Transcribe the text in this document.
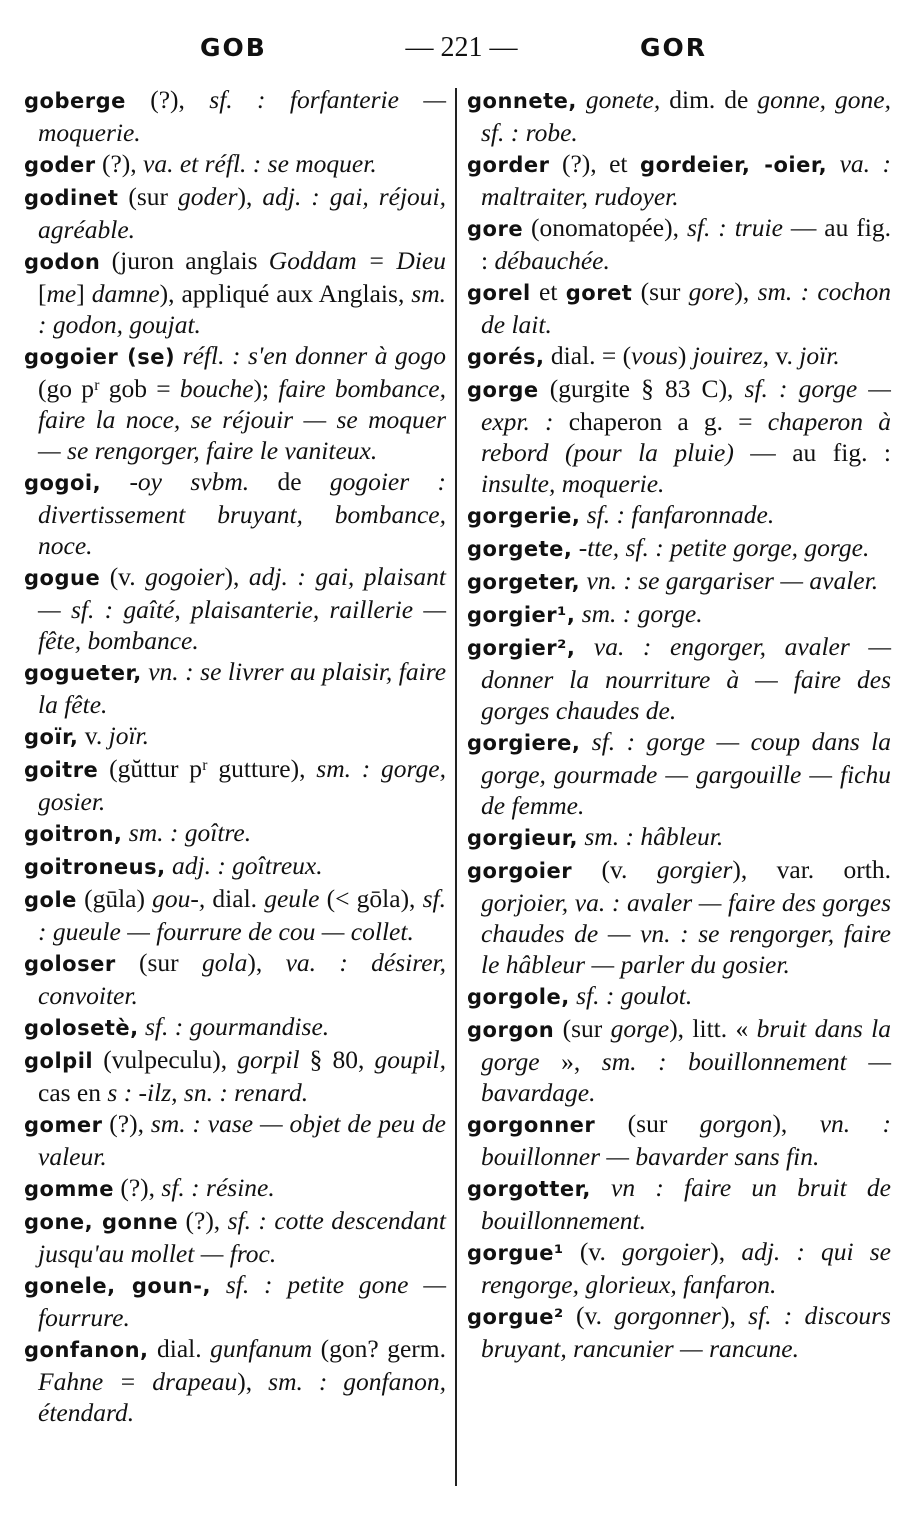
GOB	— 221 —	GOR

goberge (?), sf. : forfanterie — moquerie.

goder (?), va. et réfl. : se moquer.

godinet (sur goder), adj. : gai, réjoui, agréable.

godon (juron anglais Goddam = Dieu [me] damne), appliqué aux Anglais, sm. : godon, goujat.

gogoier (se) réfl. : s'en donner à gogo (go pʳ gob = bouche); faire bombance, faire la noce, se réjouir — se moquer — se rengorger, faire le vaniteux.

gogoi, -oy svbm. de gogoier : divertissement bruyant, bombance, noce.

gogue (v. gogoier), adj. : gai, plaisant — sf. : gaîté, plaisanterie, raillerie — fête, bombance.

gogueter, vn. : se livrer au plaisir, faire la fête.

goïr, v. joïr.

goitre (gŭttur pʳ gutture), sm. : gorge, gosier.

goitron, sm. : goître.

goitroneus, adj. : goîtreux.

gole (gūla) gou-, dial. geule (< gōla), sf. : gueule — fourrure de cou — collet.

goloser (sur gola), va. : désirer, convoiter.

golosetè, sf. : gourmandise.

golpil (vulpeculu), gorpil § 80, goupil, cas en s : -ilz, sn. : renard.

gomer (?), sm. : vase — objet de peu de valeur.

gomme (?), sf. : résine.

gone, gonne (?), sf. : cotte descendant jusqu'au mollet — froc.

gonele, goun-, sf. : petite gone — fourrure.

gonfanon, dial. gunfanum (gon? germ. Fahne = drapeau), sm. : gonfanon, étendard.

gonnete, gonete, dim. de gonne, gone, sf. : robe.

gorder (?), et gordeier, -oier, va. : maltraiter, rudoyer.

gore (onomatopée), sf. : truie — au fig. : débauchée.

gorel et goret (sur gore), sm. : cochon de lait.

gorés, dial. = (vous) jouirez, v. joïr.

gorge (gurgite § 83 C), sf. : gorge — expr. : chaperon a g. = chaperon à rebord (pour la pluie) — au fig. : insulte, moquerie.

gorgerie, sf. : fanfaronnade.

gorgete, -tte, sf. : petite gorge, gorge.

gorgeter, vn. : se gargariser — avaler.

gorgier¹, sm. : gorge.

gorgier², va. : engorger, avaler — donner la nourriture à — faire des gorges chaudes de.

gorgiere, sf. : gorge — coup dans la gorge, gourmade — gargouille — fichu de femme.

gorgieur, sm. : hâbleur.

gorgoier (v. gorgier), var. orth. gorjoier, va. : avaler — faire des gorges chaudes de — vn. : se rengorger, faire le hâbleur — parler du gosier.

gorgole, sf. : goulot.

gorgon (sur gorge), litt. « bruit dans la gorge », sm. : bouillonnement — bavardage.

gorgonner (sur gorgon), vn. : bouillonner — bavarder sans fin.

gorgotter, vn : faire un bruit de bouillonnement.

gorgue¹ (v. gorgoier), adj. : qui se rengorge, glorieux, fanfaron.

gorgue² (v. gorgonner), sf. : discours bruyant, rancunier — rancune.
